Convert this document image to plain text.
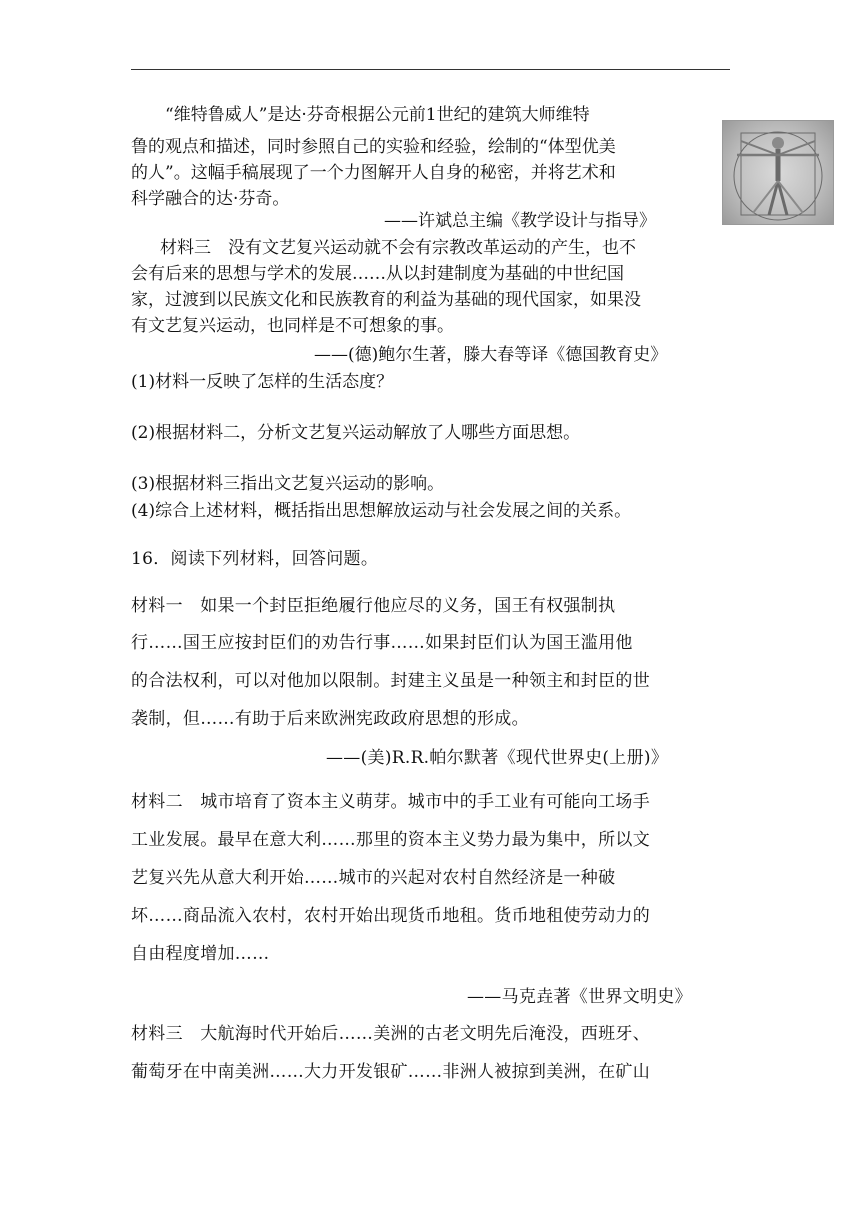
“维特鲁威人”是达·芬奇根据公元前1世纪的建筑大师维特
鲁的观点和描述，同时参照自己的实验和经验，绘制的“体型优美
的人”。这幅手稿展现了一个力图解开人自身的秘密，并将艺术和
科学融合的达·芬奇。
——许斌总主编《教学设计与指导》
材料三　没有文艺复兴运动就不会有宗教改革运动的产生，也不
会有后来的思想与学术的发展……从以封建制度为基础的中世纪国
家，过渡到以民族文化和民族教育的利益为基础的现代国家，如果没
有文艺复兴运动，也同样是不可想象的事。
——(德)鲍尔生著，滕大春等译《德国教育史》
(1)材料一反映了怎样的生活态度？
(2)根据材料二，分析文艺复兴运动解放了人哪些方面思想。
(3)根据材料三指出文艺复兴运动的影响。
(4)综合上述材料，概括指出思想解放运动与社会发展之间的关系。
16．阅读下列材料，回答问题。
材料一　如果一个封臣拒绝履行他应尽的义务，国王有权强制执
行……国王应按封臣们的劝告行事……如果封臣们认为国王滥用他
的合法权利，可以对他加以限制。封建主义虽是一种领主和封臣的世
袭制，但……有助于后来欧洲宪政政府思想的形成。
——(美)R.R.帕尔默著《现代世界史(上册)》
材料二　城市培育了资本主义萌芽。城市中的手工业有可能向工场手
工业发展。最早在意大利……那里的资本主义势力最为集中，所以文
艺复兴先从意大利开始……城市的兴起对农村自然经济是一种破
坏……商品流入农村，农村开始出现货币地租。货币地租使劳动力的
自由程度增加……
——马克垚著《世界文明史》
材料三　大航海时代开始后……美洲的古老文明先后淹没，西班牙、
葡萄牙在中南美洲……大力开发银矿……非洲人被掠到美洲，在矿山
